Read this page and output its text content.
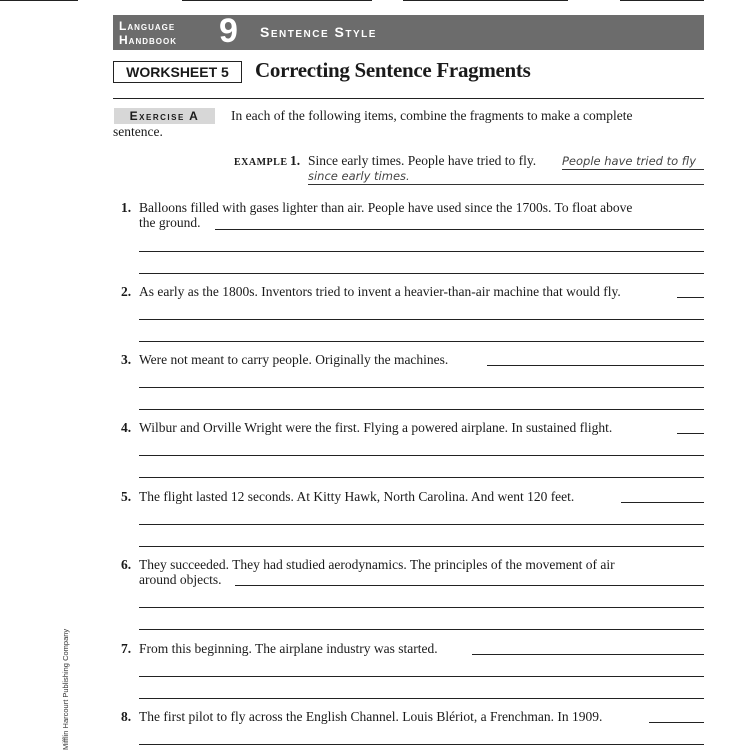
Language
Handbook 9 Sentence Style
WORKSHEET 5	Correcting Sentence Fragments
Exercise A	In each of the following items, combine the fragments to make a complete
sentence.
EXAMPLE 1. Since early times. People have tried to fly. People have tried to fly
since early times.
1. Balloons filled with gases lighter than air. People have used since the 1700s. To float above
the ground.
2. As early as the 1800s. Inventors tried to invent a heavier-than-air machine that would fly.
3. Were not meant to carry people. Originally the machines.
4. Wilbur and Orville Wright were the first. Flying a powered airplane. In sustained flight.
5. The flight lasted 12 seconds. At Kitty Hawk, North Carolina. And went 120 feet.
6. They succeeded. They had studied aerodynamics. The principles of the movement of air
around objects.
7. From this beginning. The airplane industry was started.
8. The first pilot to fly across the English Channel. Louis Blériot, a Frenchman. In 1909.
Mifflin Harcourt Publishing Company
